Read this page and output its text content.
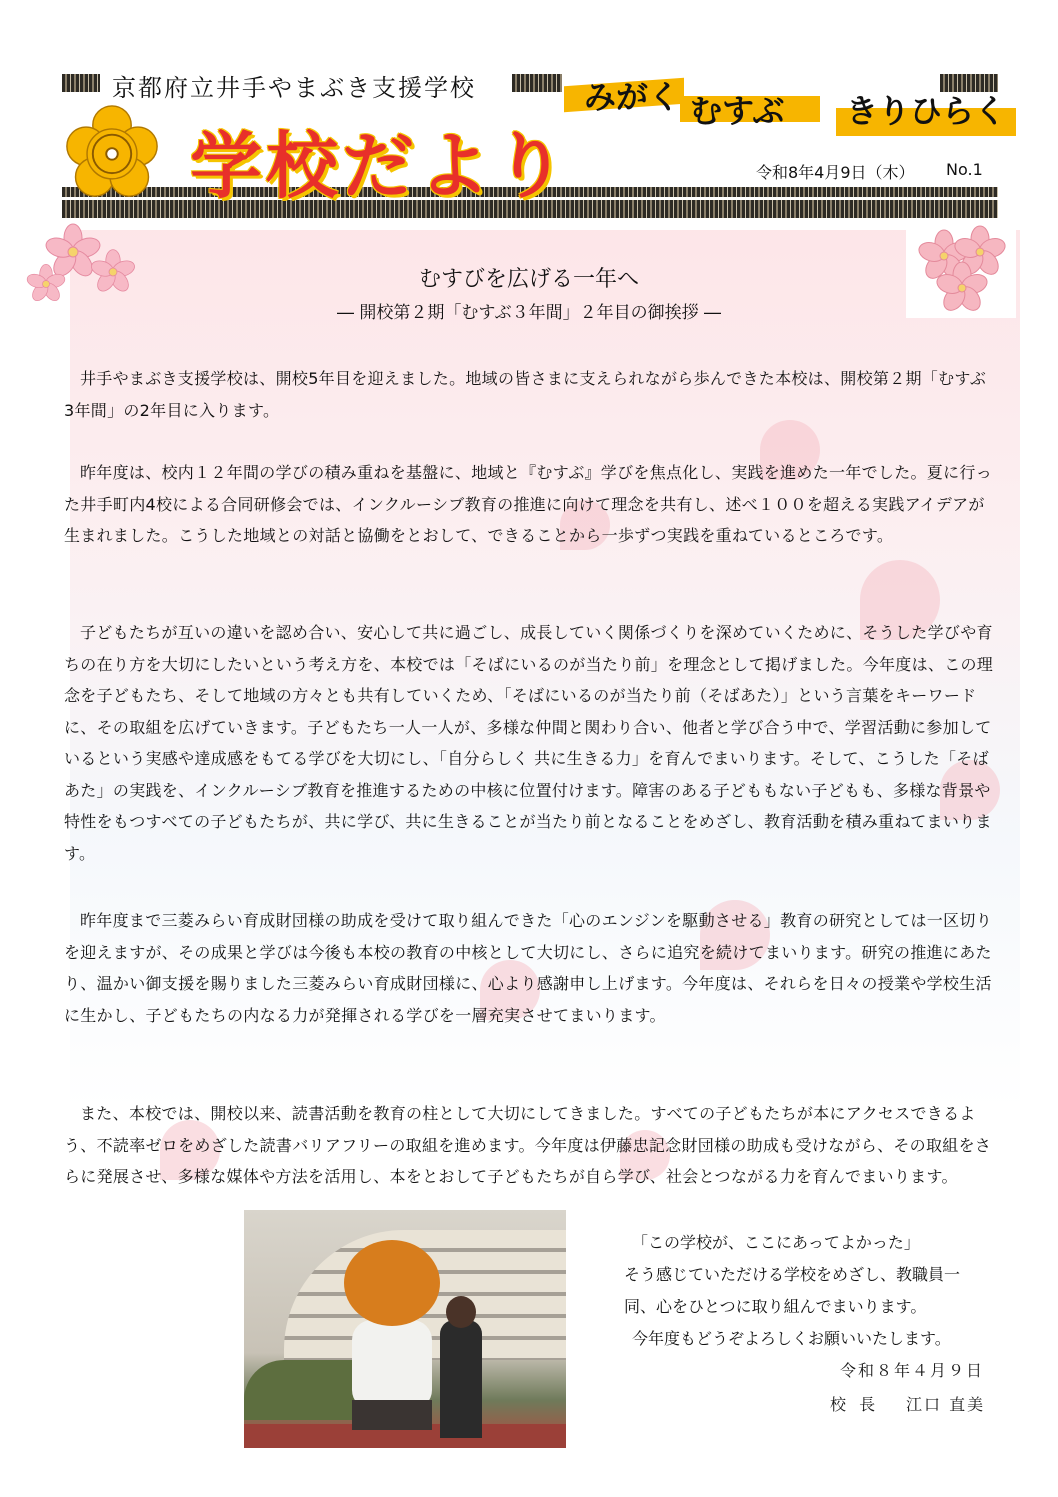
京都府立井手やまぶき支援学校
学校だより
みがく むすぶ きりひらく
令和8年4月9日（木） No.1
むすびを広げる一年へ
― 開校第２期「むすぶ３年間」２年目の御挨拶 ―

井手やまぶき支援学校は、開校5年目を迎えました。地域の皆さまに支えられながら歩んできた本校は、開校第２期「むすぶ3年間」の2年目に入ります。

昨年度は、校内１２年間の学びの積み重ねを基盤に、地域と『むすぶ』学びを焦点化し、実践を進めた一年でした。夏に行った井手町内4校による合同研修会では、インクルーシブ教育の推進に向けて理念を共有し、述べ１００を超える実践アイデアが生まれました。こうした地域との対話と協働をとおして、できることから一歩ずつ実践を重ねているところです。

子どもたちが互いの違いを認め合い、安心して共に過ごし、成長していく関係づくりを深めていくために、そうした学びや育ちの在り方を大切にしたいという考え方を、本校では「そばにいるのが当たり前」を理念として掲げました。今年度は、この理念を子どもたち、そして地域の方々とも共有していくため、「そばにいるのが当たり前（そばあた）」という言葉をキーワードに、その取組を広げていきます。子どもたち一人一人が、多様な仲間と関わり合い、他者と学び合う中で、学習活動に参加しているという実感や達成感をもてる学びを大切にし、「自分らしく 共に生きる力」を育んでまいります。そして、こうした「そばあた」の実践を、インクルーシブ教育を推進するための中核に位置付けます。障害のある子どももない子どもも、多様な背景や特性をもつすべての子どもたちが、共に学び、共に生きることが当たり前となることをめざし、教育活動を積み重ねてまいります。

昨年度まで三菱みらい育成財団様の助成を受けて取り組んできた「心のエンジンを駆動させる」教育の研究としては一区切りを迎えますが、その成果と学びは今後も本校の教育の中核として大切にし、さらに追究を続けてまいります。研究の推進にあたり、温かい御支援を賜りました三菱みらい育成財団様に、心より感謝申し上げます。今年度は、それらを日々の授業や学校生活に生かし、子どもたちの内なる力が発揮される学びを一層充実させてまいります。

また、本校では、開校以来、読書活動を教育の柱として大切にしてきました。すべての子どもたちが本にアクセスできるよう、不読率ゼロをめざした読書バリアフリーの取組を進めます。今年度は伊藤忠記念財団様の助成も受けながら、その取組をさらに発展させ、多様な媒体や方法を活用し、本をとおして子どもたちが自ら学び、社会とつながる力を育んでまいります。

「この学校が、ここにあってよかった」
そう感じていただける学校をめざし、教職員一
同、心をひとつに取り組んでまいります。
今年度もどうぞよろしくお願いいたします。
令和８年４月９日
校 長 江口 直美
